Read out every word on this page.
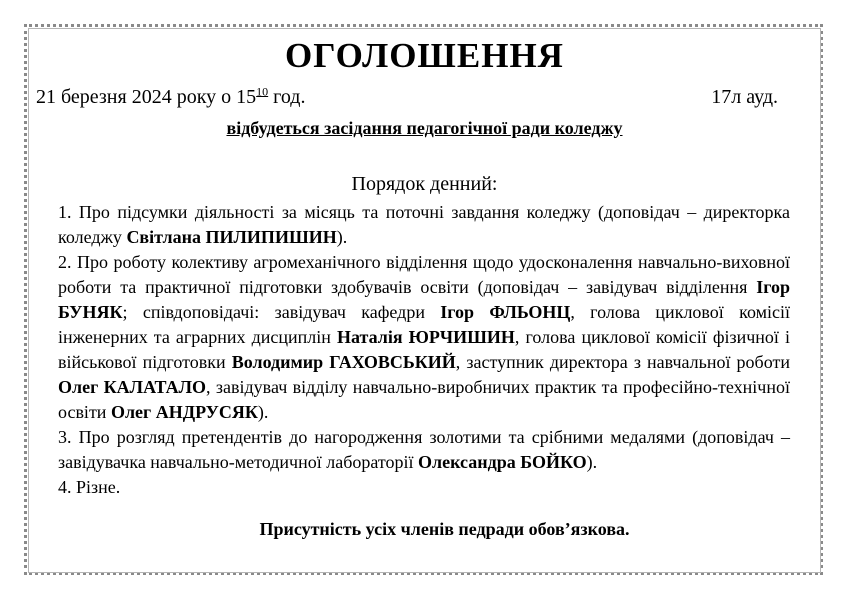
ОГОЛОШЕННЯ
21 березня 2024 року о $15^{10}$ год.	17л ауд.
відбудеться засідання педагогічної ради коледжу
Порядок денний:
1. Про підсумки діяльності за місяць та поточні завдання коледжу (доповідач – директорка коледжу Світлана ПИЛИПИШИН).
2. Про роботу колективу агромеханічного відділення щодо удосконалення навчально-виховної роботи та практичної підготовки здобувачів освіти (доповідач – завідувач відділення Ігор БУНЯК; співдоповідачі: завідувач кафедри Ігор ФЛЬОНЦ, голова циклової комісії інженерних та аграрних дисциплін Наталія ЮРЧИШИН, голова циклової комісії фізичної і військової підготовки Володимир ГАХОВСЬКИЙ, заступник директора з навчальної роботи Олег КАЛАТАЛО, завідувач відділу навчально-виробничих практик та професійно-технічної освіти Олег АНДРУСЯК).
3. Про розгляд претендентів до нагородження золотими та срібними медалями (доповідач – завідувачка навчально-методичної лабораторії Олександра БОЙКО).
4. Різне.
Присутність усіх членів педради обов’язкова.
